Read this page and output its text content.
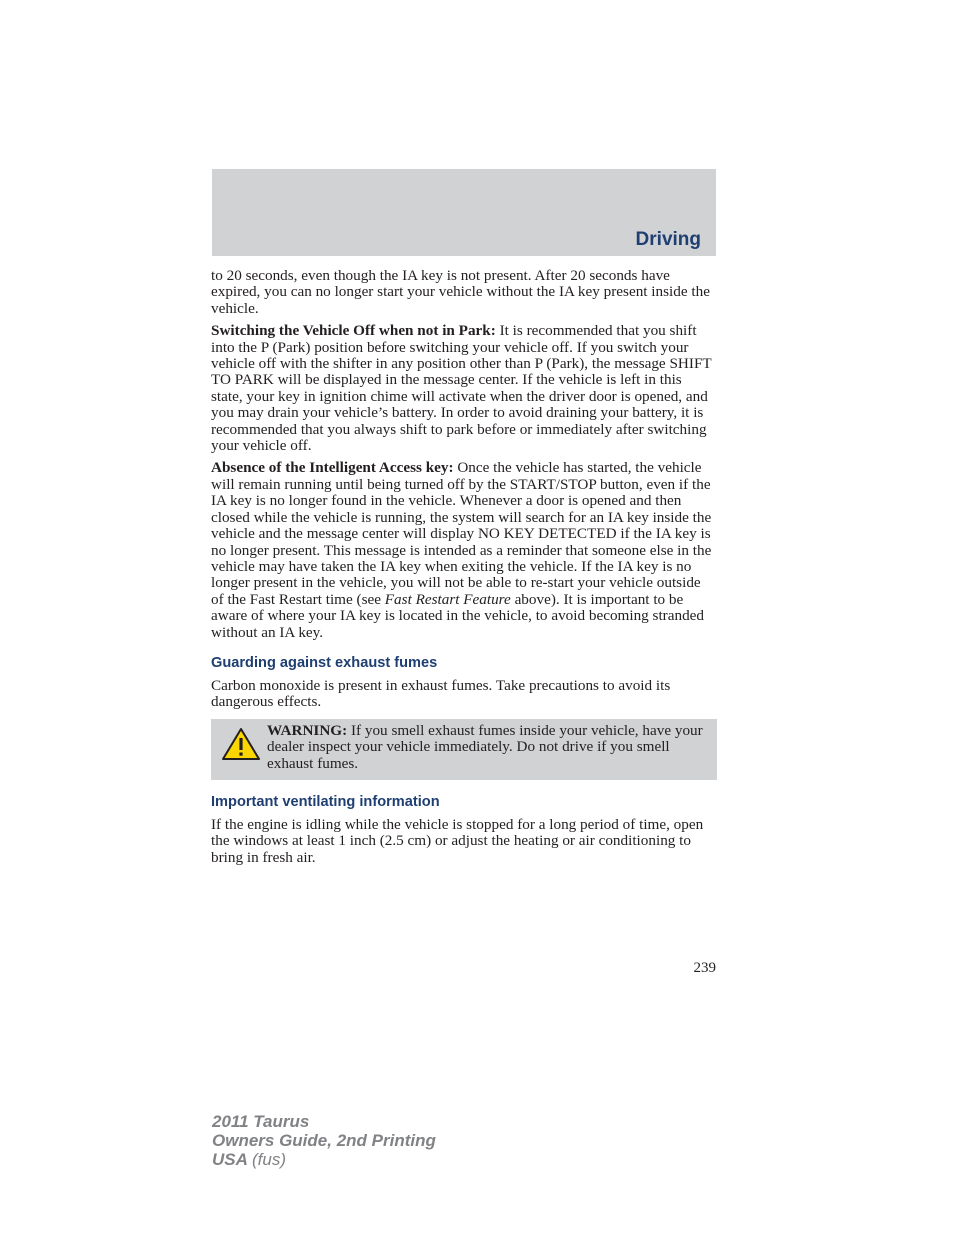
Driving

to 20 seconds, even though the IA key is not present. After 20 seconds have expired, you can no longer start your vehicle without the IA key present inside the vehicle.

Switching the Vehicle Off when not in Park: It is recommended that you shift into the P (Park) position before switching your vehicle off. If you switch your vehicle off with the shifter in any position other than P (Park), the message SHIFT TO PARK will be displayed in the message center. If the vehicle is left in this state, your key in ignition chime will activate when the driver door is opened, and you may drain your vehicle’s battery. In order to avoid draining your battery, it is recommended that you always shift to park before or immediately after switching your vehicle off.

Absence of the Intelligent Access key: Once the vehicle has started, the vehicle will remain running until being turned off by the START/STOP button, even if the IA key is no longer found in the vehicle. Whenever a door is opened and then closed while the vehicle is running, the system will search for an IA key inside the vehicle and the message center will display NO KEY DETECTED if the IA key is no longer present. This message is intended as a reminder that someone else in the vehicle may have taken the IA key when exiting the vehicle. If the IA key is no longer present in the vehicle, you will not be able to re-start your vehicle outside of the Fast Restart time (see Fast Restart Feature above). It is important to be aware of where your IA key is located in the vehicle, to avoid becoming stranded without an IA key.

Guarding against exhaust fumes

Carbon monoxide is present in exhaust fumes. Take precautions to avoid its dangerous effects.

WARNING: If you smell exhaust fumes inside your vehicle, have your dealer inspect your vehicle immediately. Do not drive if you smell exhaust fumes.
Important ventilating information

If the engine is idling while the vehicle is stopped for a long period of time, open the windows at least 1 inch (2.5 cm) or adjust the heating or air conditioning to bring in fresh air.

239
2011 Taurus
Owners Guide, 2nd Printing
USA (fus)
